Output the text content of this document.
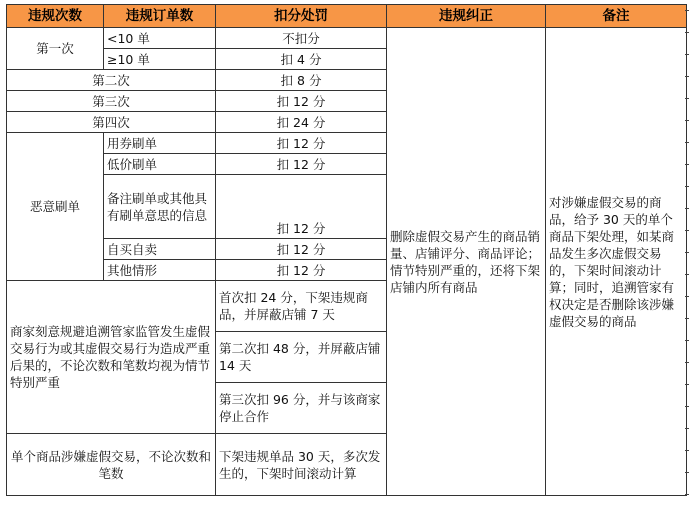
违规次数	违规订单数	扣分处罚	违规纠正	备注
第一次	<10 单	不扣分	删除虚假交易产生的商品销量、店铺评分、商品评论；情节特别严重的，还将下架店铺内所有商品	对涉嫌虚假交易的商品，给予 30 天的单个商品下架处理，如某商品发生多次虚假交易的，下架时间滚动计算；同时，追溯管家有权决定是否删除该涉嫌虚假交易的商品
	≥10 单	扣 4 分		
第二次		扣 8 分		
第三次		扣 12 分		
第四次		扣 24 分		
恶意刷单	用券刷单	扣 12 分		
	低价刷单	扣 12 分		
	备注刷单或其他具有刷单意思的信息	扣 12 分		
	自买自卖	扣 12 分		
	其他情形	扣 12 分		
商家刻意规避追溯管家监管发生虚假交易行为或其虚假交易行为造成严重后果的，不论次数和笔数均视为情节特别严重		首次扣 24 分，下架违规商品，并屏蔽店铺 7 天		
		第二次扣 48 分，并屏蔽店铺 14 天		
		第三次扣 96 分，并与该商家停止合作		
单个商品涉嫌虚假交易，不论次数和笔数		下架违规单品 30 天，多次发生的，下架时间滚动计算		
